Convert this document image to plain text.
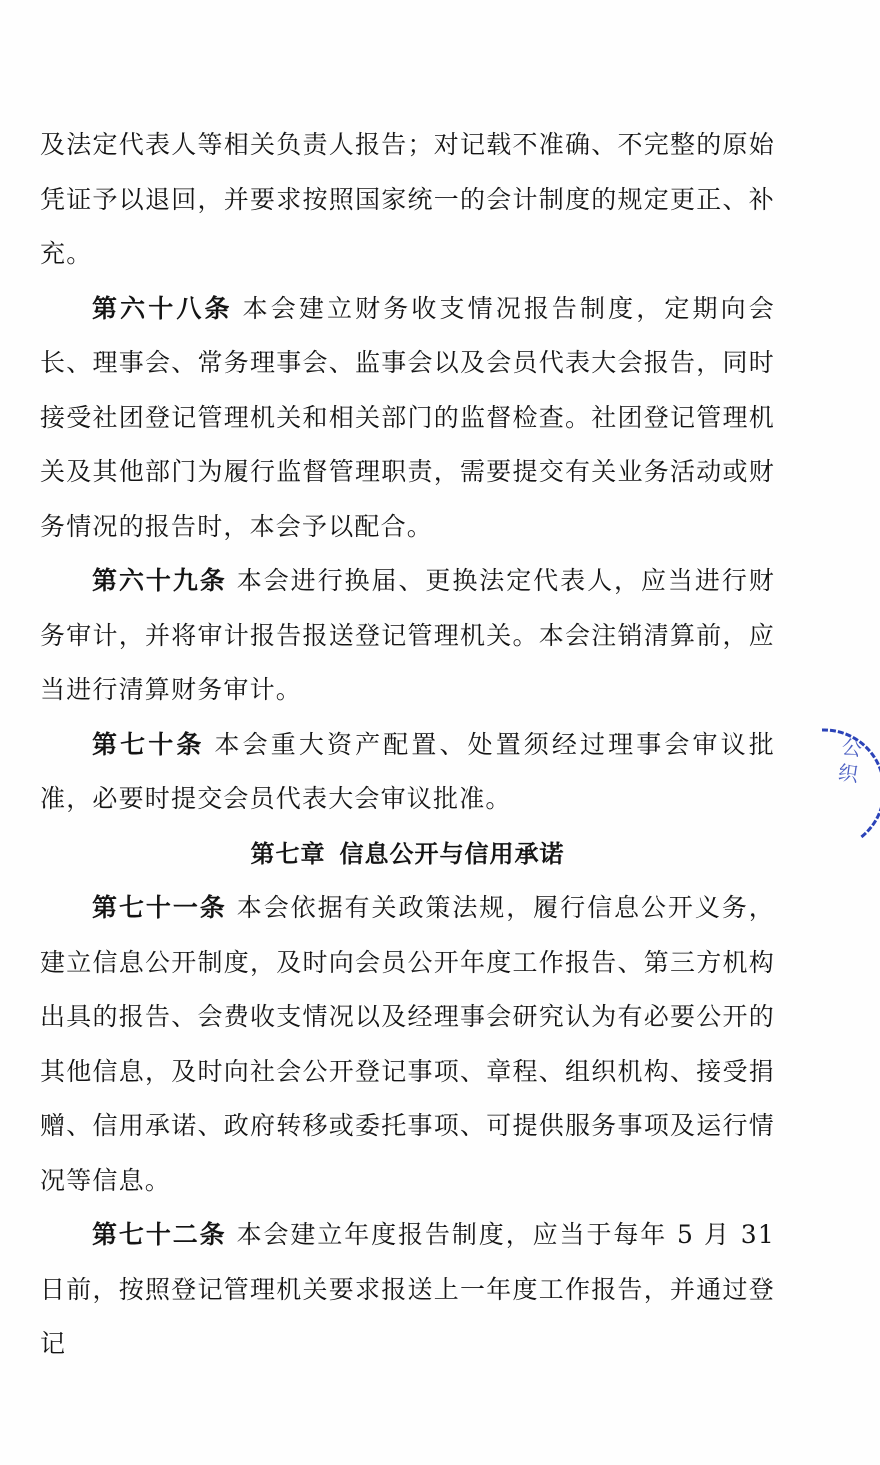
及法定代表人等相关负责人报告；对记载不准确、不完整的原始凭证予以退回，并要求按照国家统一的会计制度的规定更正、补充。

第六十八条 本会建立财务收支情况报告制度，定期向会长、理事会、常务理事会、监事会以及会员代表大会报告，同时接受社团登记管理机关和相关部门的监督检查。社团登记管理机关及其他部门为履行监督管理职责，需要提交有关业务活动或财务情况的报告时，本会予以配合。

第六十九条 本会进行换届、更换法定代表人，应当进行财务审计，并将审计报告报送登记管理机关。本会注销清算前，应当进行清算财务审计。

第七十条 本会重大资产配置、处置须经过理事会审议批准，必要时提交会员代表大会审议批准。

第七章 信息公开与信用承诺

第七十一条 本会依据有关政策法规，履行信息公开义务，建立信息公开制度，及时向会员公开年度工作报告、第三方机构出具的报告、会费收支情况以及经理事会研究认为有必要公开的其他信息，及时向社会公开登记事项、章程、组织机构、接受捐赠、信用承诺、政府转移或委托事项、可提供服务事项及运行情况等信息。

第七十二条 本会建立年度报告制度，应当于每年 5 月 31 日前，按照登记管理机关要求报送上一年度工作报告，并通过登记

公织
